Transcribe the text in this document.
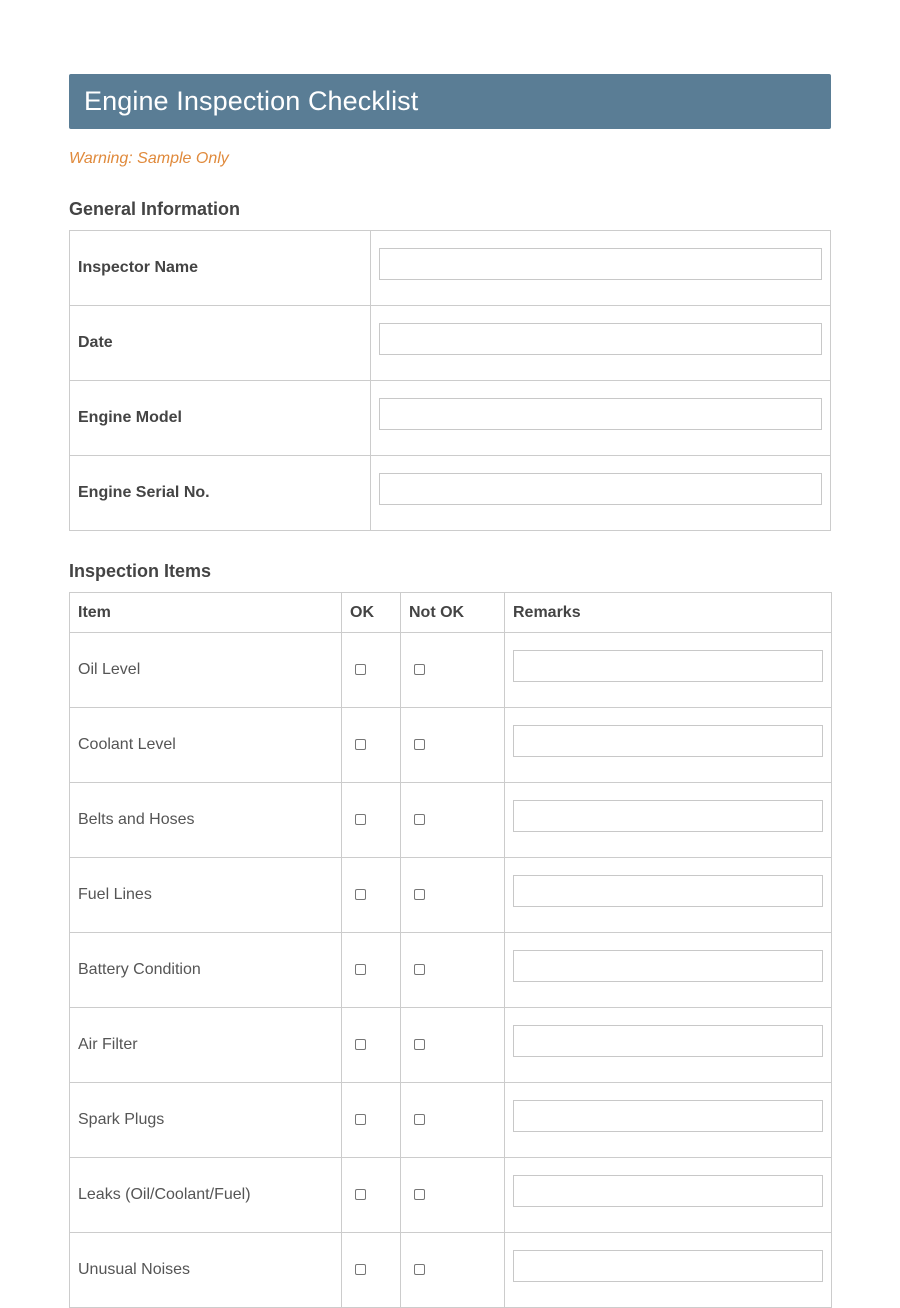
Engine Inspection Checklist
Warning: Sample Only
General Information
Inspector Name	

Date	

Engine Model	

Engine Serial No.	
Inspection Items
Item	OK	Not OK	Remarks
Oil Level			

Coolant Level			

Belts and Hoses			

Fuel Lines			

Battery Condition			

Air Filter			

Spark Plugs			

Leaks (Oil/Coolant/Fuel)			

Unusual Noises			
